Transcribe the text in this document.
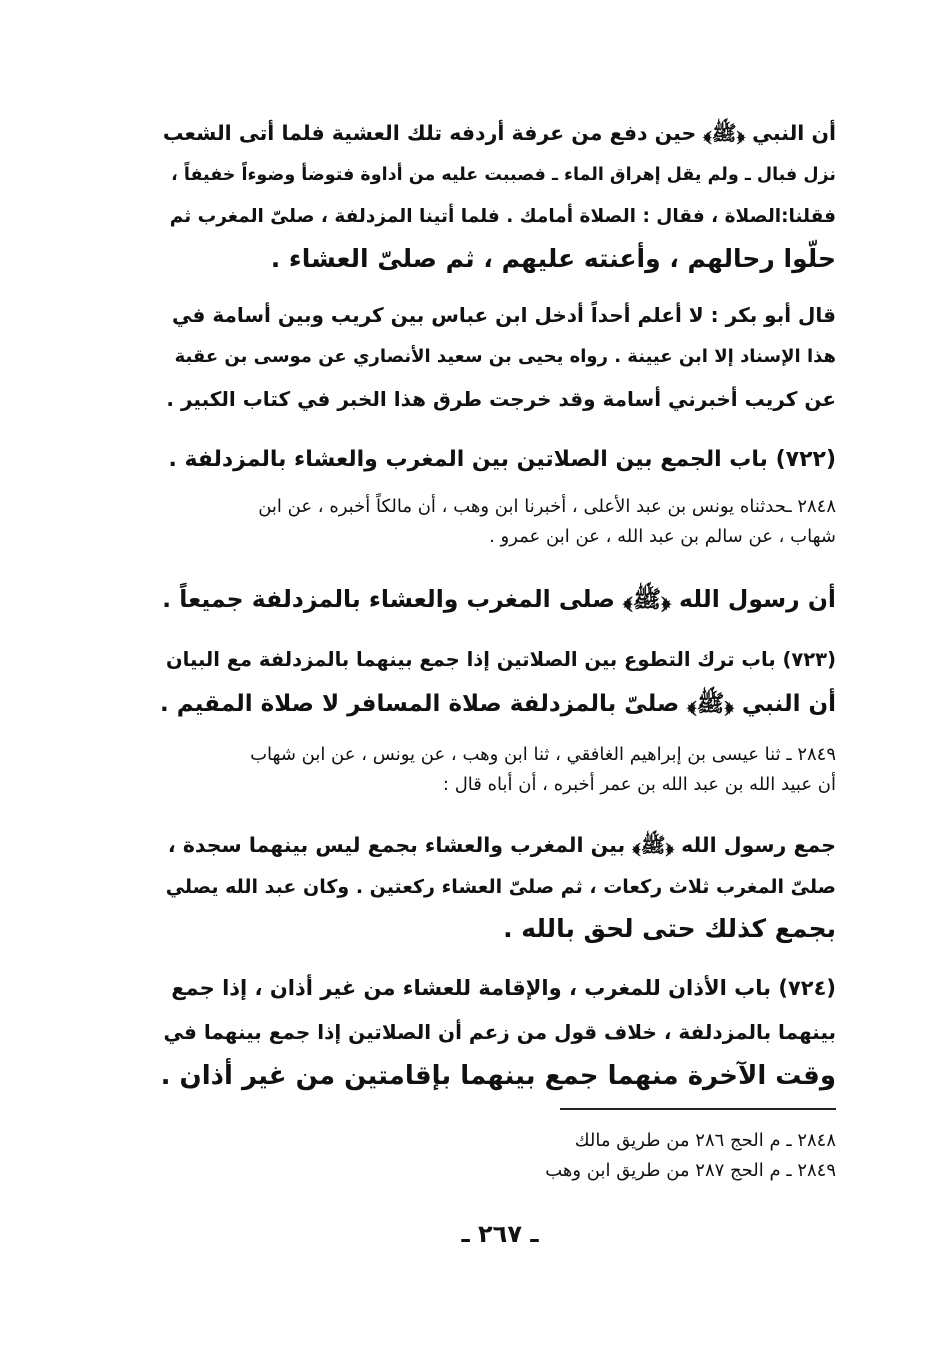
أن النبي ﴿ﷺ﴾ حين دفع من عرفة أردفه تلك العشية فلما أتى الشعب
نزل فبال ـ ولم يقل إهراق الماء ـ فصببت عليه من أداوة فتوضأ وضوءاً خفيفاً ،
فقلنا:الصلاة ، فقال : الصلاة أمامك . فلما أتينا المزدلفة ، صلىّ المغرب ثم
حلّوا رحالهم ، وأعنته عليهم ، ثم صلىّ العشاء .
قال أبو بكر : لا أعلم أحداً أدخل ابن عباس بين كريب وبين أسامة في
هذا الإسناد إلا ابن عيينة . رواه يحيى بن سعيد الأنصاري عن موسى بن عقبة
عن كريب أخبرني أسامة وقد خرجت طرق هذا الخبر في كتاب الكبير .
(٧٢٢) باب الجمع بين الصلاتين بين المغرب والعشاء بالمزدلفة .
٢٨٤٨ ـحدثناه يونس بن عبد الأعلى ، أخبرنا ابن وهب ، أن مالكاً أخبره ، عن ابن
شهاب ، عن سالم بن عبد الله ، عن ابن عمرو .
أن رسول الله ﴿ﷺ﴾ صلى المغرب والعشاء بالمزدلفة جميعاً .
(٧٢٣) باب ترك التطوع بين الصلاتين إذا جمع بينهما بالمزدلفة مع البيان
أن النبي ﴿ﷺ﴾ صلىّ بالمزدلفة صلاة المسافر لا صلاة المقيم .
٢٨٤٩ ـ ثنا عيسى بن إبراهيم الغافقي ، ثنا ابن وهب ، عن يونس ، عن ابن شهاب
أن عبيد الله بن عبد الله بن عمر أخبره ، أن أباه قال :
جمع رسول الله ﴿ﷺ﴾ بين المغرب والعشاء بجمع ليس بينهما سجدة ،
صلىّ المغرب ثلاث ركعات ، ثم صلىّ العشاء ركعتين . وكان عبد الله يصلي
بجمع كذلك حتى لحق بالله .
(٧٢٤) باب الأذان للمغرب ، والإقامة للعشاء من غير أذان ، إذا جمع
بينهما بالمزدلفة ، خلاف قول من زعم أن الصلاتين إذا جمع بينهما في
وقت الآخرة منهما جمع بينهما بإقامتين من غير أذان .
٢٨٤٨ ـ م الحج ٢٨٦ من طريق مالك
٢٨٤٩ ـ م الحج ٢٨٧ من طريق ابن وهب
ـ ٢٦٧ ـ
